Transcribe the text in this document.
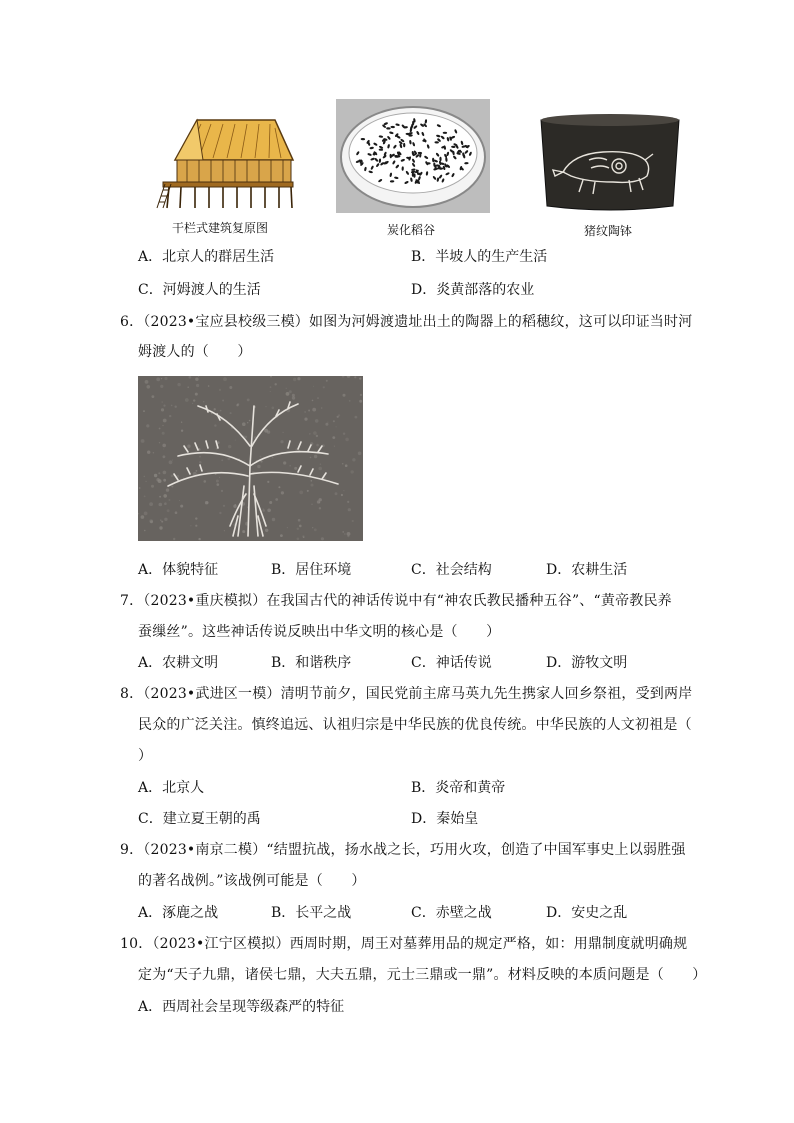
干栏式建筑复原图	炭化稻谷	猪纹陶钵
A．北京人的群居生活	B．半坡人的生产生活
C．河姆渡人的生活	D．炎黄部落的农业
6．（2023•宝应县校级三模）如图为河姆渡遗址出土的陶器上的稻穗纹，这可以印证当时河
姆渡人的（　　）
A．体貌特征	B．居住环境	C．社会结构	D．农耕生活
7．（2023•重庆模拟）在我国古代的神话传说中有“神农氏教民播种五谷”、“黄帝教民养
蚕缫丝”。这些神话传说反映出中华文明的核心是（　　）
A．农耕文明	B．和谐秩序	C．神话传说	D．游牧文明
8．（2023•武进区一模）清明节前夕，国民党前主席马英九先生携家人回乡祭祖，受到两岸
民众的广泛关注。慎终追远、认祖归宗是中华民族的优良传统。中华民族的人文初祖是（
）
A．北京人	B．炎帝和黄帝
C．建立夏王朝的禹	D．秦始皇
9．（2023•南京二模）“结盟抗战，扬水战之长，巧用火攻，创造了中国军事史上以弱胜强
的著名战例。”该战例可能是（　　）
A．涿鹿之战	B．长平之战	C．赤壁之战	D．安史之乱
10．（2023•江宁区模拟）西周时期，周王对墓葬用品的规定严格，如：用鼎制度就明确规
定为“天子九鼎，诸侯七鼎，大夫五鼎，元士三鼎或一鼎”。材料反映的本质问题是（　　）
A．西周社会呈现等级森严的特征
